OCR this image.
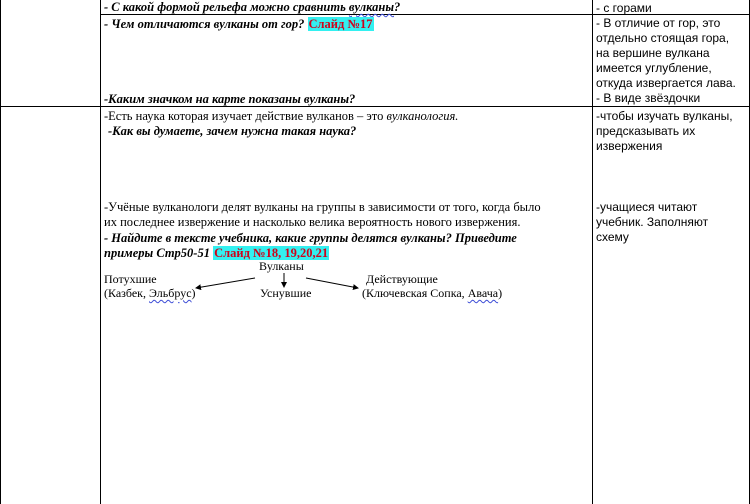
- С какой формой рельефа можно сравнить вулканы?	- с горами
- Чем отличаются вулканы от гор? Слайд №17
-Каким значком на карте показаны вулканы?
- В отличие от гор, это
отдельно стоящая гора,
на вершине вулкана
имеется углубление,
откуда извергается лава.
- В виде звёздочки
-Есть наука которая изучает действие вулканов – это вулканология.
-Как вы думаете, зачем нужна такая наука?
-чтобы изучать вулканы,
предсказывать их
извержения
-Учёные вулканологи делят вулканы на группы в зависимости от того, когда было
их последнее извержение и насколько велика вероятность нового извержения.
- Найдите в тексте учебника, какие группы делятся вулканы? Приведите
примеры Стр50-51 Слайд №18, 19,20,21
-учащиеся читают
учебник. Заполняют
схему
Вулканы
Потухшие
(Казбек, Эльбрус)	Уснувшие
Действующие
(Ключевская Сопка, Авача)
